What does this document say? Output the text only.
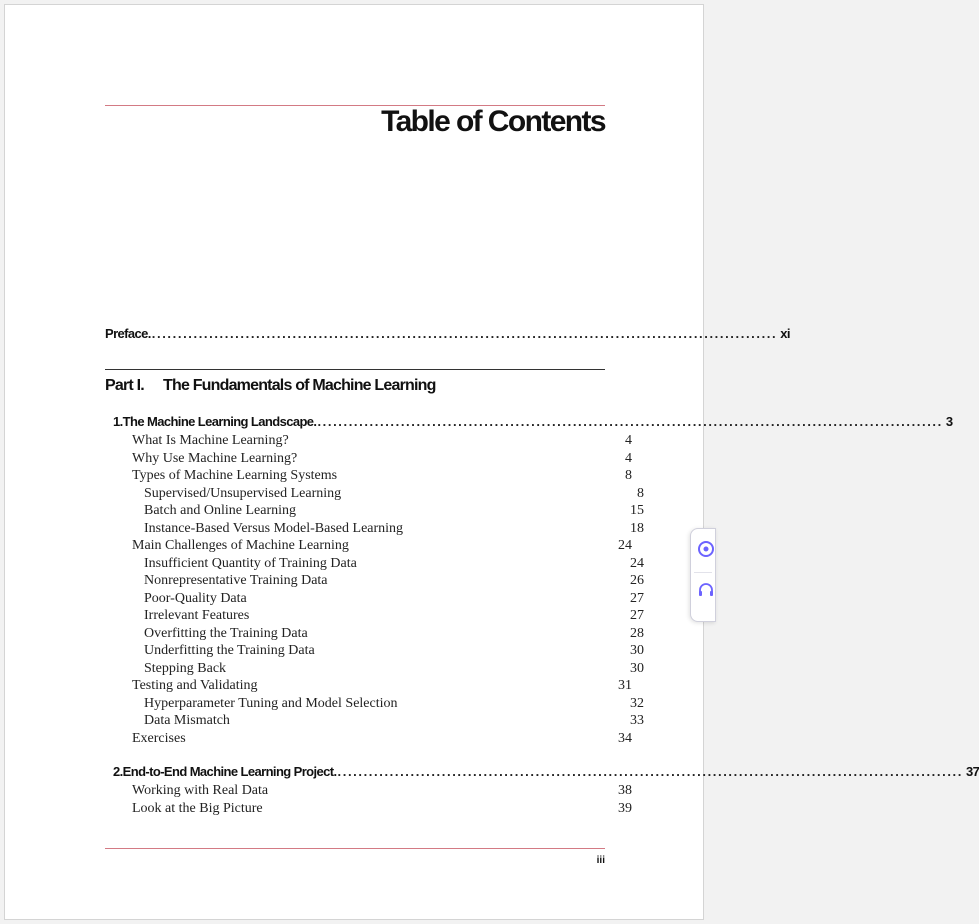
Table of Contents
Preface. ........................................................................................................................ xi
Part I. The Fundamentals of Machine Learning
1. The Machine Learning Landscape. ........................................................................................................................ 3
What Is Machine Learning?	4
Why Use Machine Learning?	4
Types of Machine Learning Systems	8
Supervised/Unsupervised Learning	8
Batch and Online Learning	15
Instance-Based Versus Model-Based Learning	18
Main Challenges of Machine Learning	24
Insufficient Quantity of Training Data	24
Nonrepresentative Training Data	26
Poor-Quality Data	27
Irrelevant Features	27
Overfitting the Training Data	28
Underfitting the Training Data	30
Stepping Back	30
Testing and Validating	31
Hyperparameter Tuning and Model Selection	32
Data Mismatch	33
Exercises	34
2. End-to-End Machine Learning Project. ........................................................................................................................ 37
Working with Real Data	38
Look at the Big Picture	39
iii
